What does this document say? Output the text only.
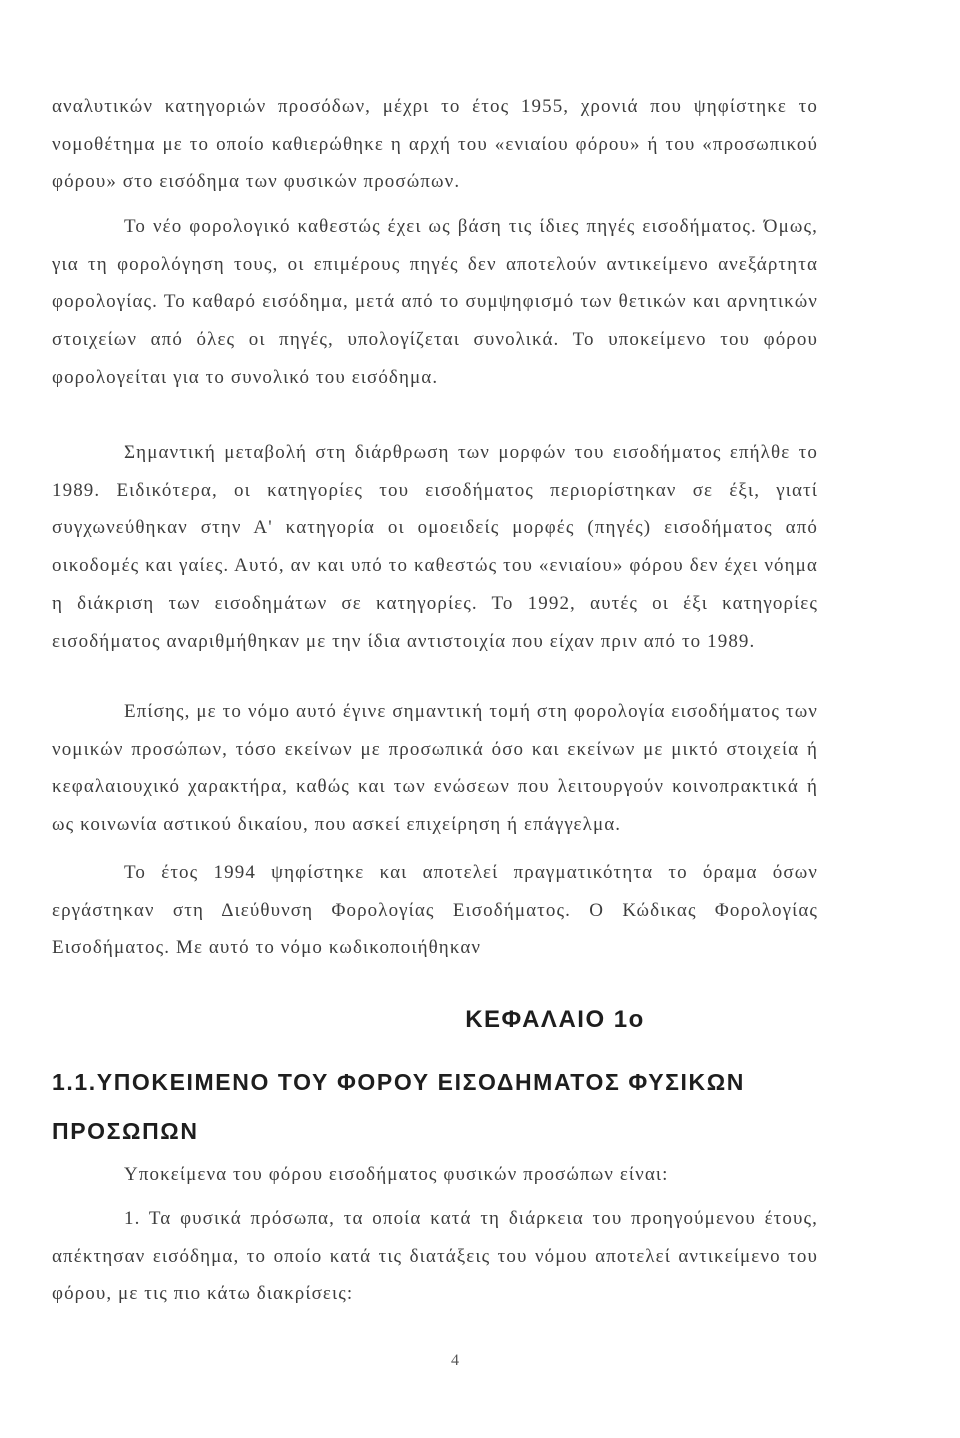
αναλυτικών κατηγοριών προσόδων, μέχρι το έτος 1955, χρονιά που ψηφίστηκε το νομοθέτημα με το οποίο καθιερώθηκε η αρχή του «ενιαίου φόρου» ή του «προσωπικού φόρου» στο εισόδημα των φυσικών προσώπων.
Το νέο φορολογικό καθεστώς έχει ως βάση τις ίδιες πηγές εισοδήματος. Όμως, για τη φορολόγηση τους, οι επιμέρους πηγές δεν αποτελούν αντικείμενο ανεξάρτητα φορολογίας. Το καθαρό εισόδημα, μετά από το συμψηφισμό των θετικών και αρνητικών στοιχείων από όλες οι πηγές, υπολογίζεται συνολικά. Το υποκείμενο του φόρου φορολογείται για το συνολικό του εισόδημα.
Σημαντική μεταβολή στη διάρθρωση των μορφών του εισοδήματος επήλθε το 1989. Ειδικότερα, οι κατηγορίες του εισοδήματος περιορίστηκαν σε έξι, γιατί συγχωνεύθηκαν στην Α' κατηγορία οι ομοειδείς μορφές (πηγές) εισοδήματος από οικοδομές και γαίες. Αυτό, αν και υπό το καθεστώς του «ενιαίου» φόρου δεν έχει νόημα η διάκριση των εισοδημάτων σε κατηγορίες. Το 1992, αυτές οι έξι κατηγορίες εισοδήματος αναριθμήθηκαν με την ίδια αντιστοιχία που είχαν πριν από το 1989.
Επίσης, με το νόμο αυτό έγινε σημαντική τομή στη φορολογία εισοδήματος των νομικών προσώπων, τόσο εκείνων με προσωπικά όσο και εκείνων με μικτό στοιχεία ή κεφαλαιουχικό χαρακτήρα, καθώς και των ενώσεων που λειτουργούν κοινοπρακτικά ή ως κοινωνία αστικού δικαίου, που ασκεί επιχείρηση ή επάγγελμα.
Το έτος 1994 ψηφίστηκε και αποτελεί πραγματικότητα το όραμα όσων εργάστηκαν στη Διεύθυνση Φορολογίας Εισοδήματος. Ο Κώδικας Φορολογίας Εισοδήματος. Με αυτό το νόμο κωδικοποιήθηκαν
ΚΕΦΑΛΑΙΟ 1ο
1.1.ΥΠΟΚΕΙΜΕΝΟ ΤΟΥ ΦΟΡΟΥ ΕΙΣΟΔΗΜΑΤΟΣ ΦΥΣΙΚΩΝ ΠΡΟΣΩΠΩΝ
Υποκείμενα του φόρου εισοδήματος φυσικών προσώπων είναι:
1. Τα φυσικά πρόσωπα, τα οποία κατά τη διάρκεια του προηγούμενου έτους, απέκτησαν εισόδημα, το οποίο κατά τις διατάξεις του νόμου αποτελεί αντικείμενο του φόρου, με τις πιο κάτω διακρίσεις:
4
